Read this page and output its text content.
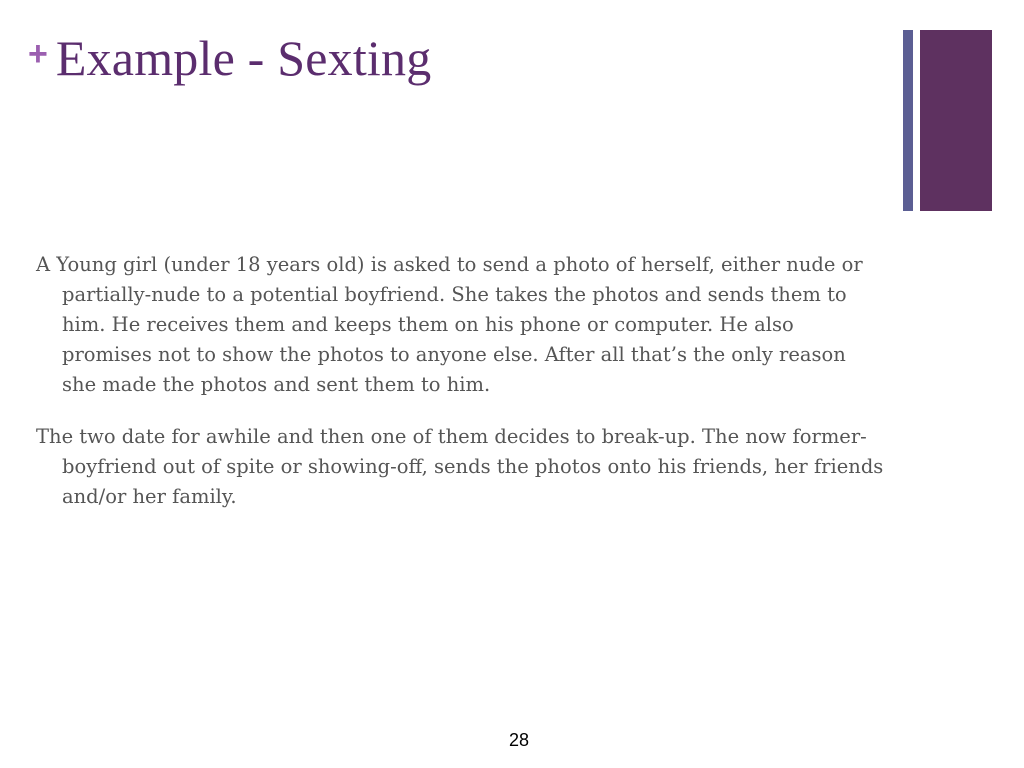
+ Example - Sexting

A Young girl (under 18 years old) is asked to send a photo of herself, either nude or partially-nude to a potential boyfriend. She takes the photos and sends them to him. He receives them and keeps them on his phone or computer. He also promises not to show the photos to anyone else. After all that’s the only reason she made the photos and sent them to him.

The two date for awhile and then one of them decides to break-up. The now former-boyfriend out of spite or showing-off, sends the photos onto his friends, her friends and/or her family.

28
